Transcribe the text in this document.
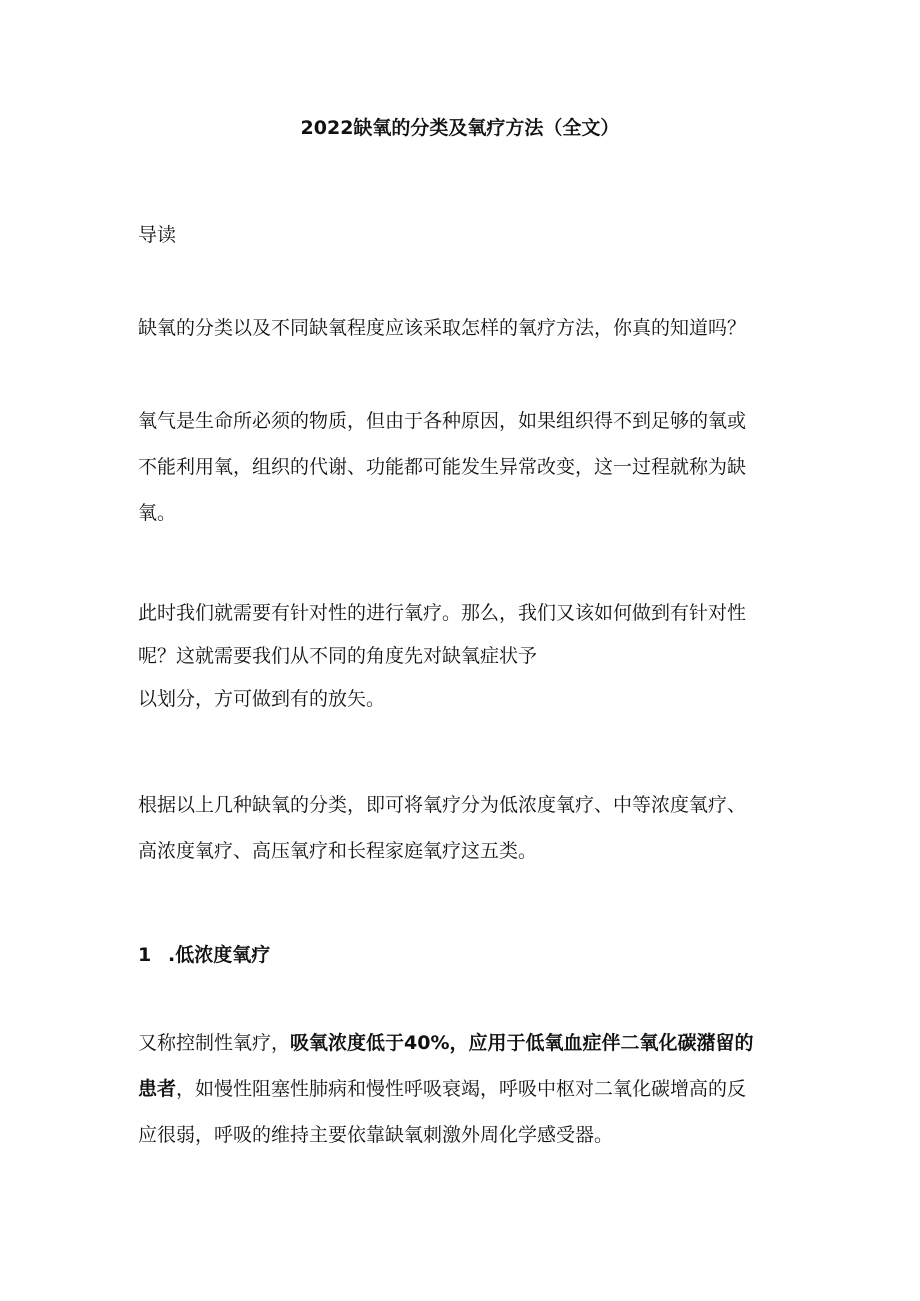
2022缺氧的分类及氧疗方法（全文）
导读
缺氧的分类以及不同缺氧程度应该采取怎样的氧疗方法，你真的知道吗？
氧气是生命所必须的物质，但由于各种原因，如果组织得不到足够的氧或
不能利用氧，组织的代谢、功能都可能发生异常改变，这一过程就称为缺
氧。
此时我们就需要有针对性的进行氧疗。那么，我们又该如何做到有针对性
呢？这就需要我们从不同的角度先对缺氧症状予
以划分，方可做到有的放矢。
根据以上几种缺氧的分类，即可将氧疗分为低浓度氧疗、中等浓度氧疗、
高浓度氧疗、高压氧疗和长程家庭氧疗这五类。
1 .低浓度氧疗
又称控制性氧疗，吸氧浓度低于40%，应用于低氧血症伴二氧化碳潴留的
患者，如慢性阻塞性肺病和慢性呼吸衰竭，呼吸中枢对二氧化碳增高的反
应很弱，呼吸的维持主要依靠缺氧刺激外周化学感受器。
